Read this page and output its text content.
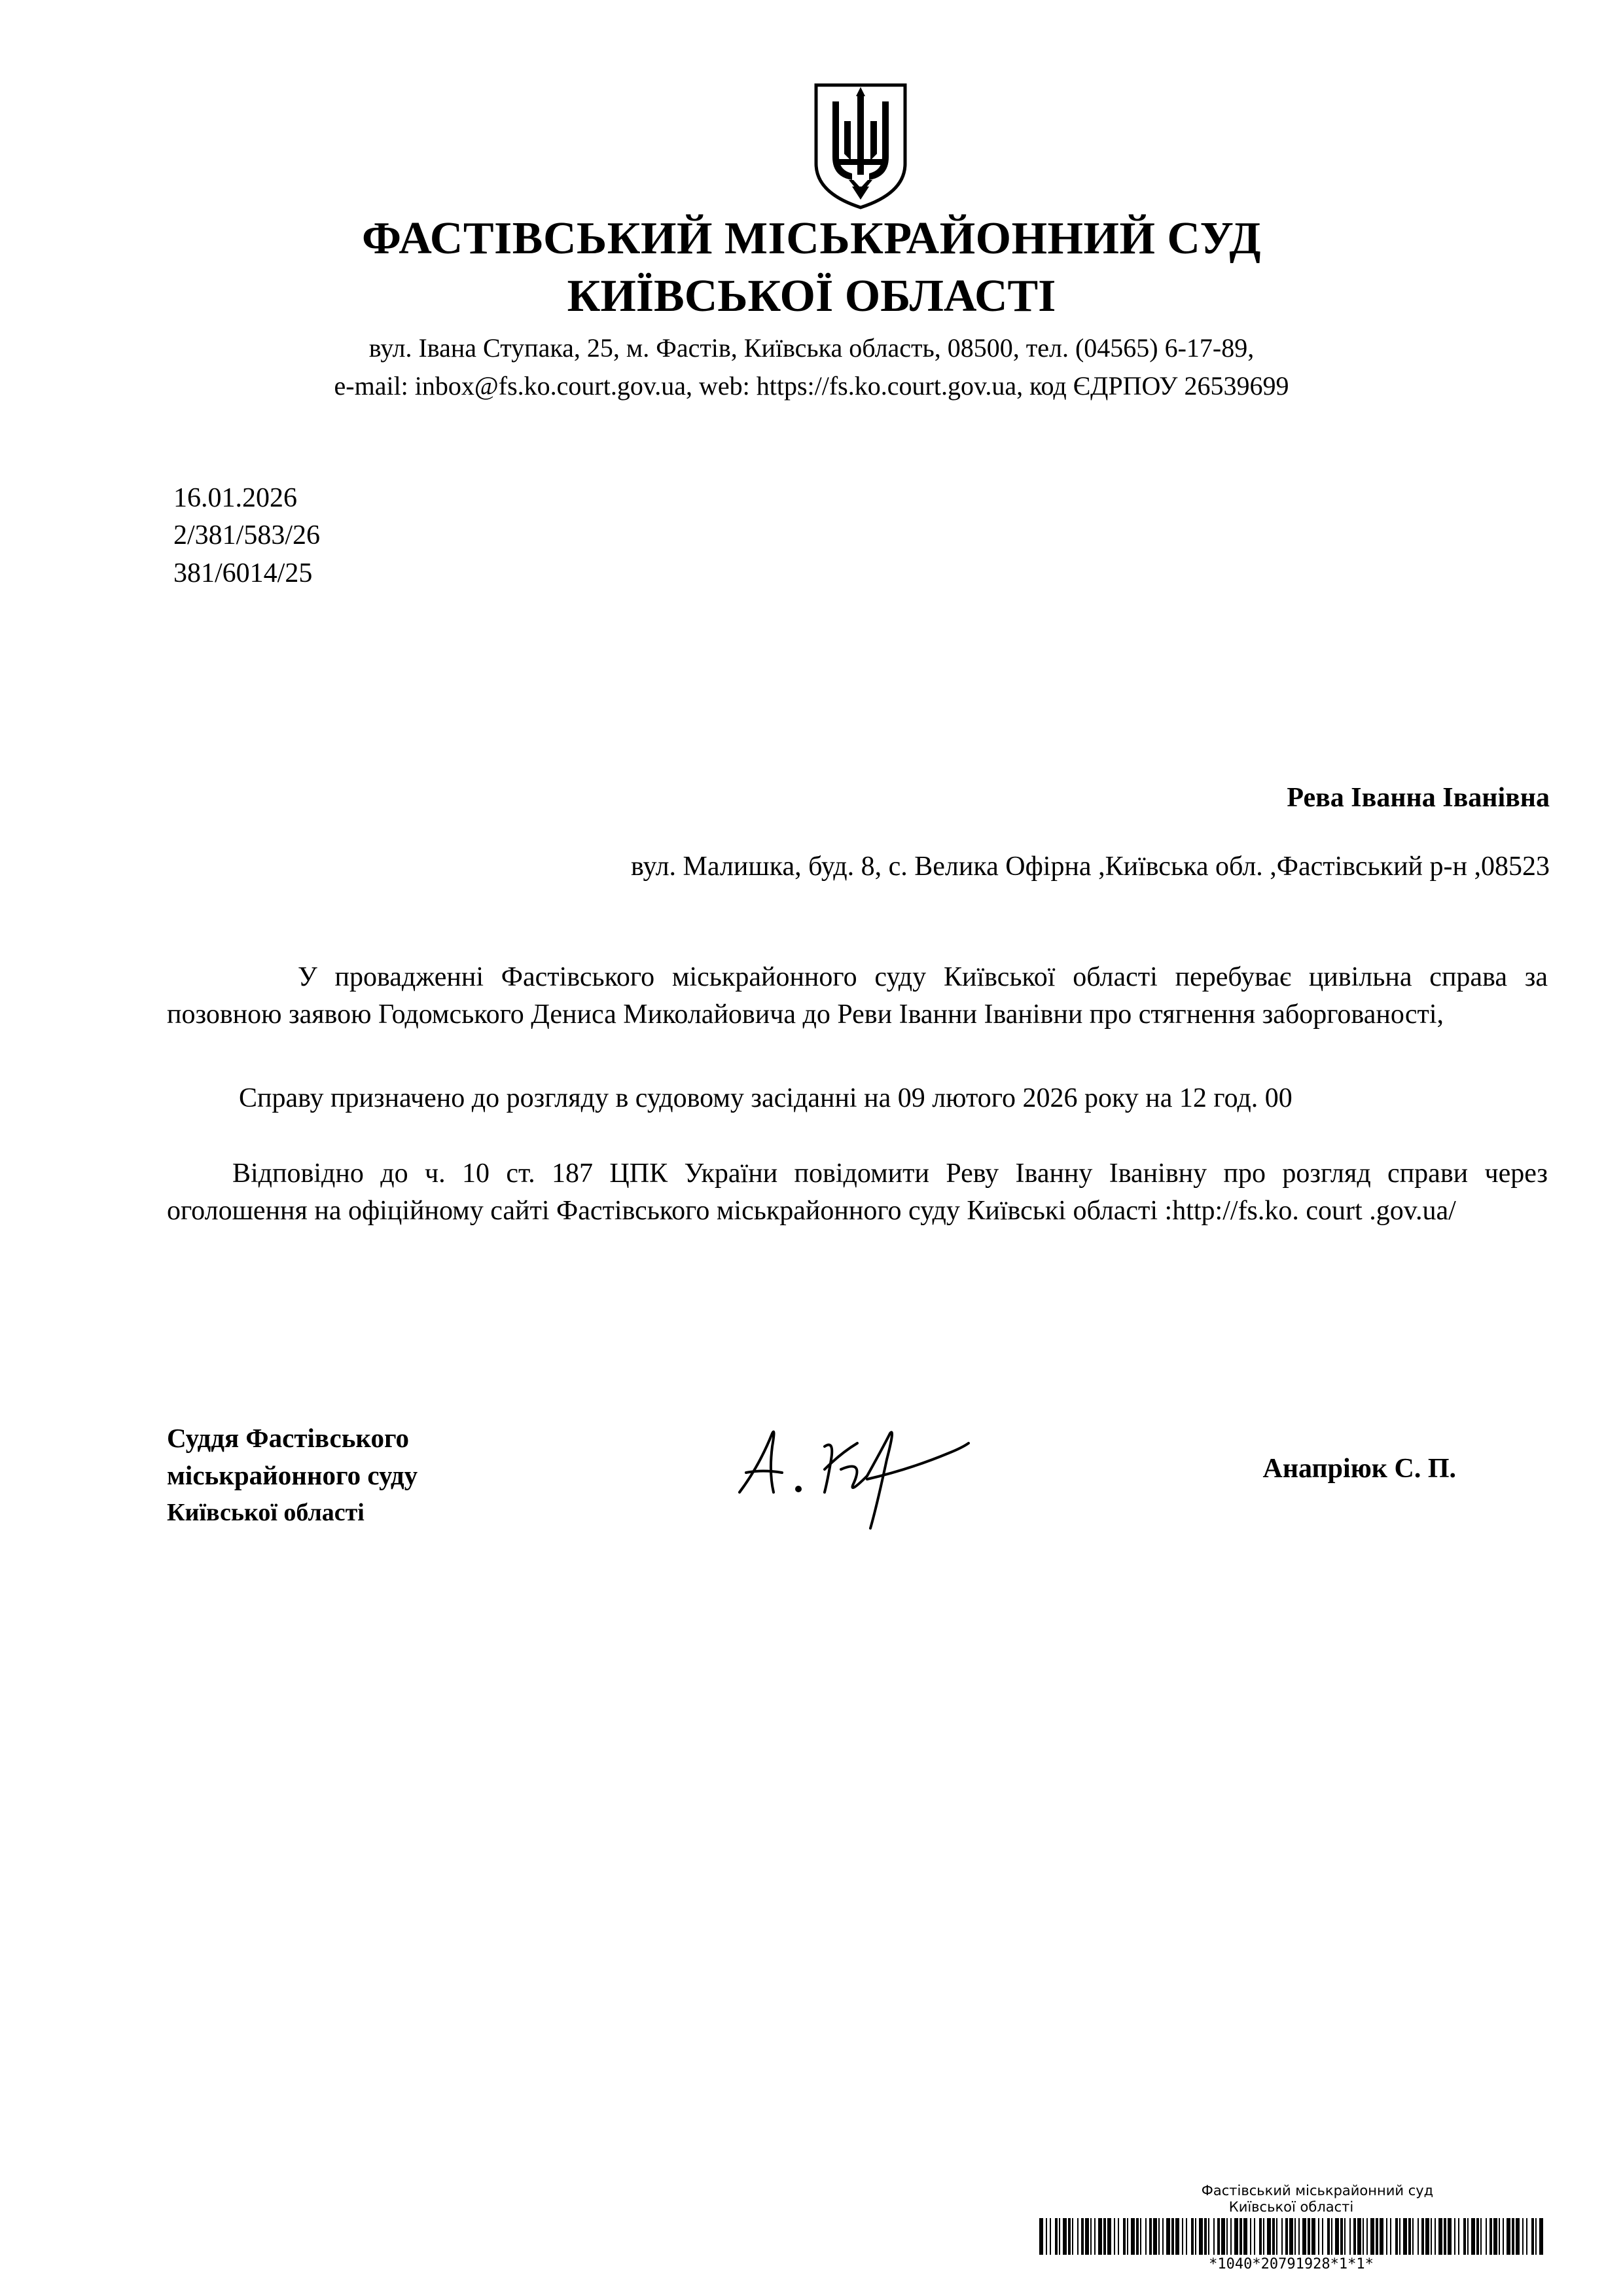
ФАСТІВСЬКИЙ МІСЬКРАЙОННИЙ СУД
КИЇВСЬКОЇ ОБЛАСТІ
вул. Івана Ступака, 25, м. Фастів, Київська область, 08500, тел. (04565) 6-17-89,
e-mail: inbox@fs.ko.court.gov.ua, web: https://fs.ko.court.gov.ua, код ЄДРПОУ 26539699
16.01.2026
2/381/583/26
381/6014/25
Рева Іванна Іванівна
вул. Малишка, буд. 8, с. Велика Офірна ,Київська обл. ,Фастівський р-н ,08523
У провадженні Фастівського міськрайонного суду Київської області перебуває цивільна справа за позовною заявою Годомського Дениса Миколайовича до Реви Іванни Іванівни про стягнення заборгованості,
Справу призначено до розгляду в судовому засіданні на 09 лютого 2026 року на 12 год. 00
Відповідно до ч. 10 ст. 187 ЦПК України повідомити Реву Іванну Іванівну про розгляд справи через оголошення на офіційному сайті Фастівського міськрайонного суду Київські області :http://fs.ko. court .gov.ua/
Суддя Фастівського
міськрайонного суду
Київської області
Анапріюк С. П.
Фастівський міськрайонний суд
Київської області
*1040*20791928*1*1*
